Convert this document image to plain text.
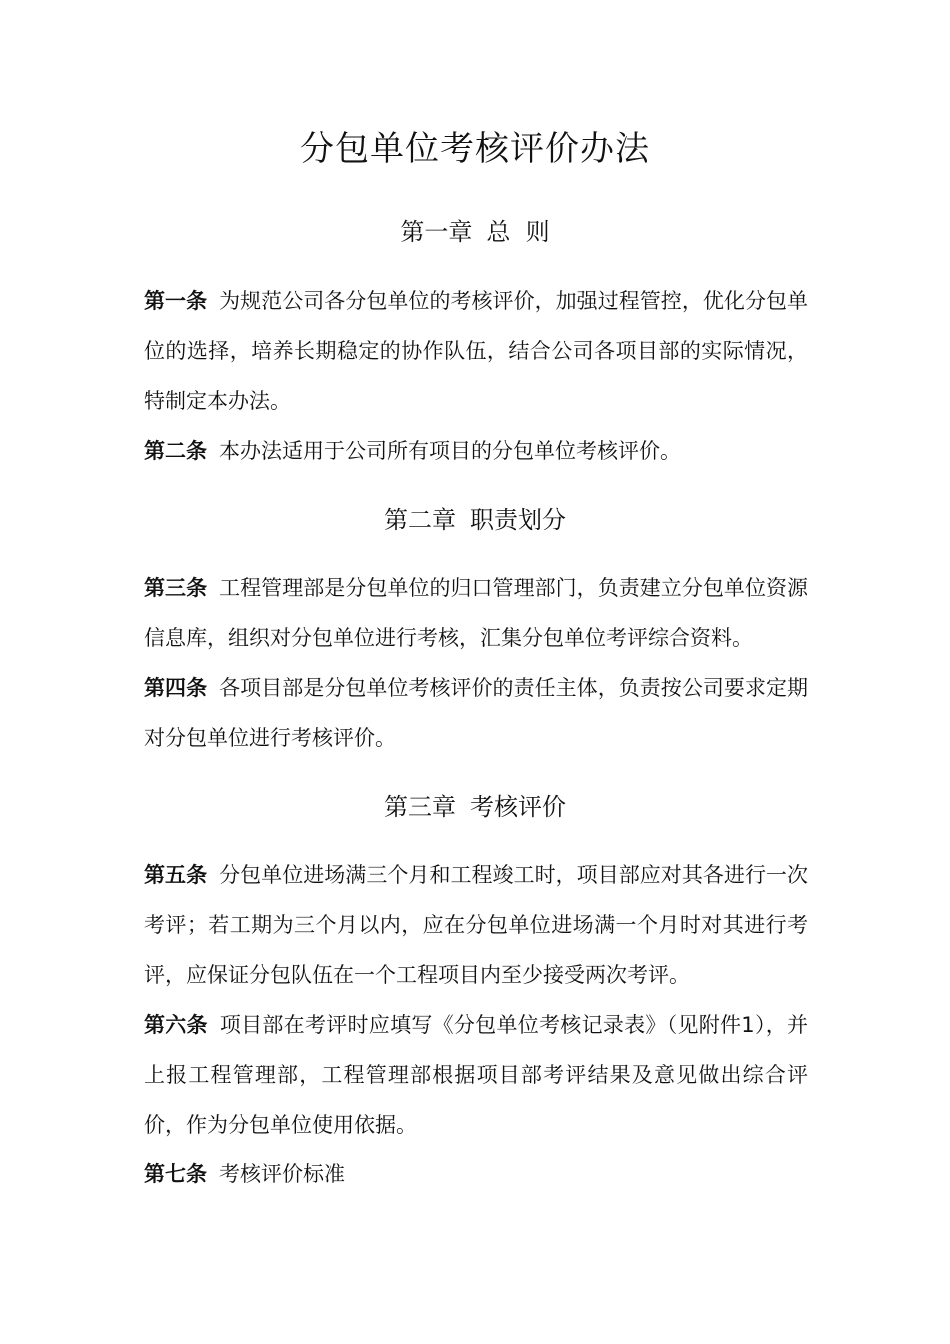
分包单位考核评价办法
第一章 总  则

第一条 为规范公司各分包单位的考核评价，加强过程管控，优化分包单位的选择，培养长期稳定的协作队伍，结合公司各项目部的实际情况，特制定本办法。

第二条 本办法适用于公司所有项目的分包单位考核评价。

第二章 职责划分

第三条 工程管理部是分包单位的归口管理部门，负责建立分包单位资源信息库，组织对分包单位进行考核，汇集分包单位考评综合资料。

第四条 各项目部是分包单位考核评价的责任主体，负责按公司要求定期对分包单位进行考核评价。

第三章 考核评价

第五条 分包单位进场满三个月和工程竣工时，项目部应对其各进行一次考评；若工期为三个月以内，应在分包单位进场满一个月时对其进行考评，应保证分包队伍在一个工程项目内至少接受两次考评。

第六条 项目部在考评时应填写《分包单位考核记录表》（见附件1），并上报工程管理部，工程管理部根据项目部考评结果及意见做出综合评价，作为分包单位使用依据。

第七条 考核评价标准
